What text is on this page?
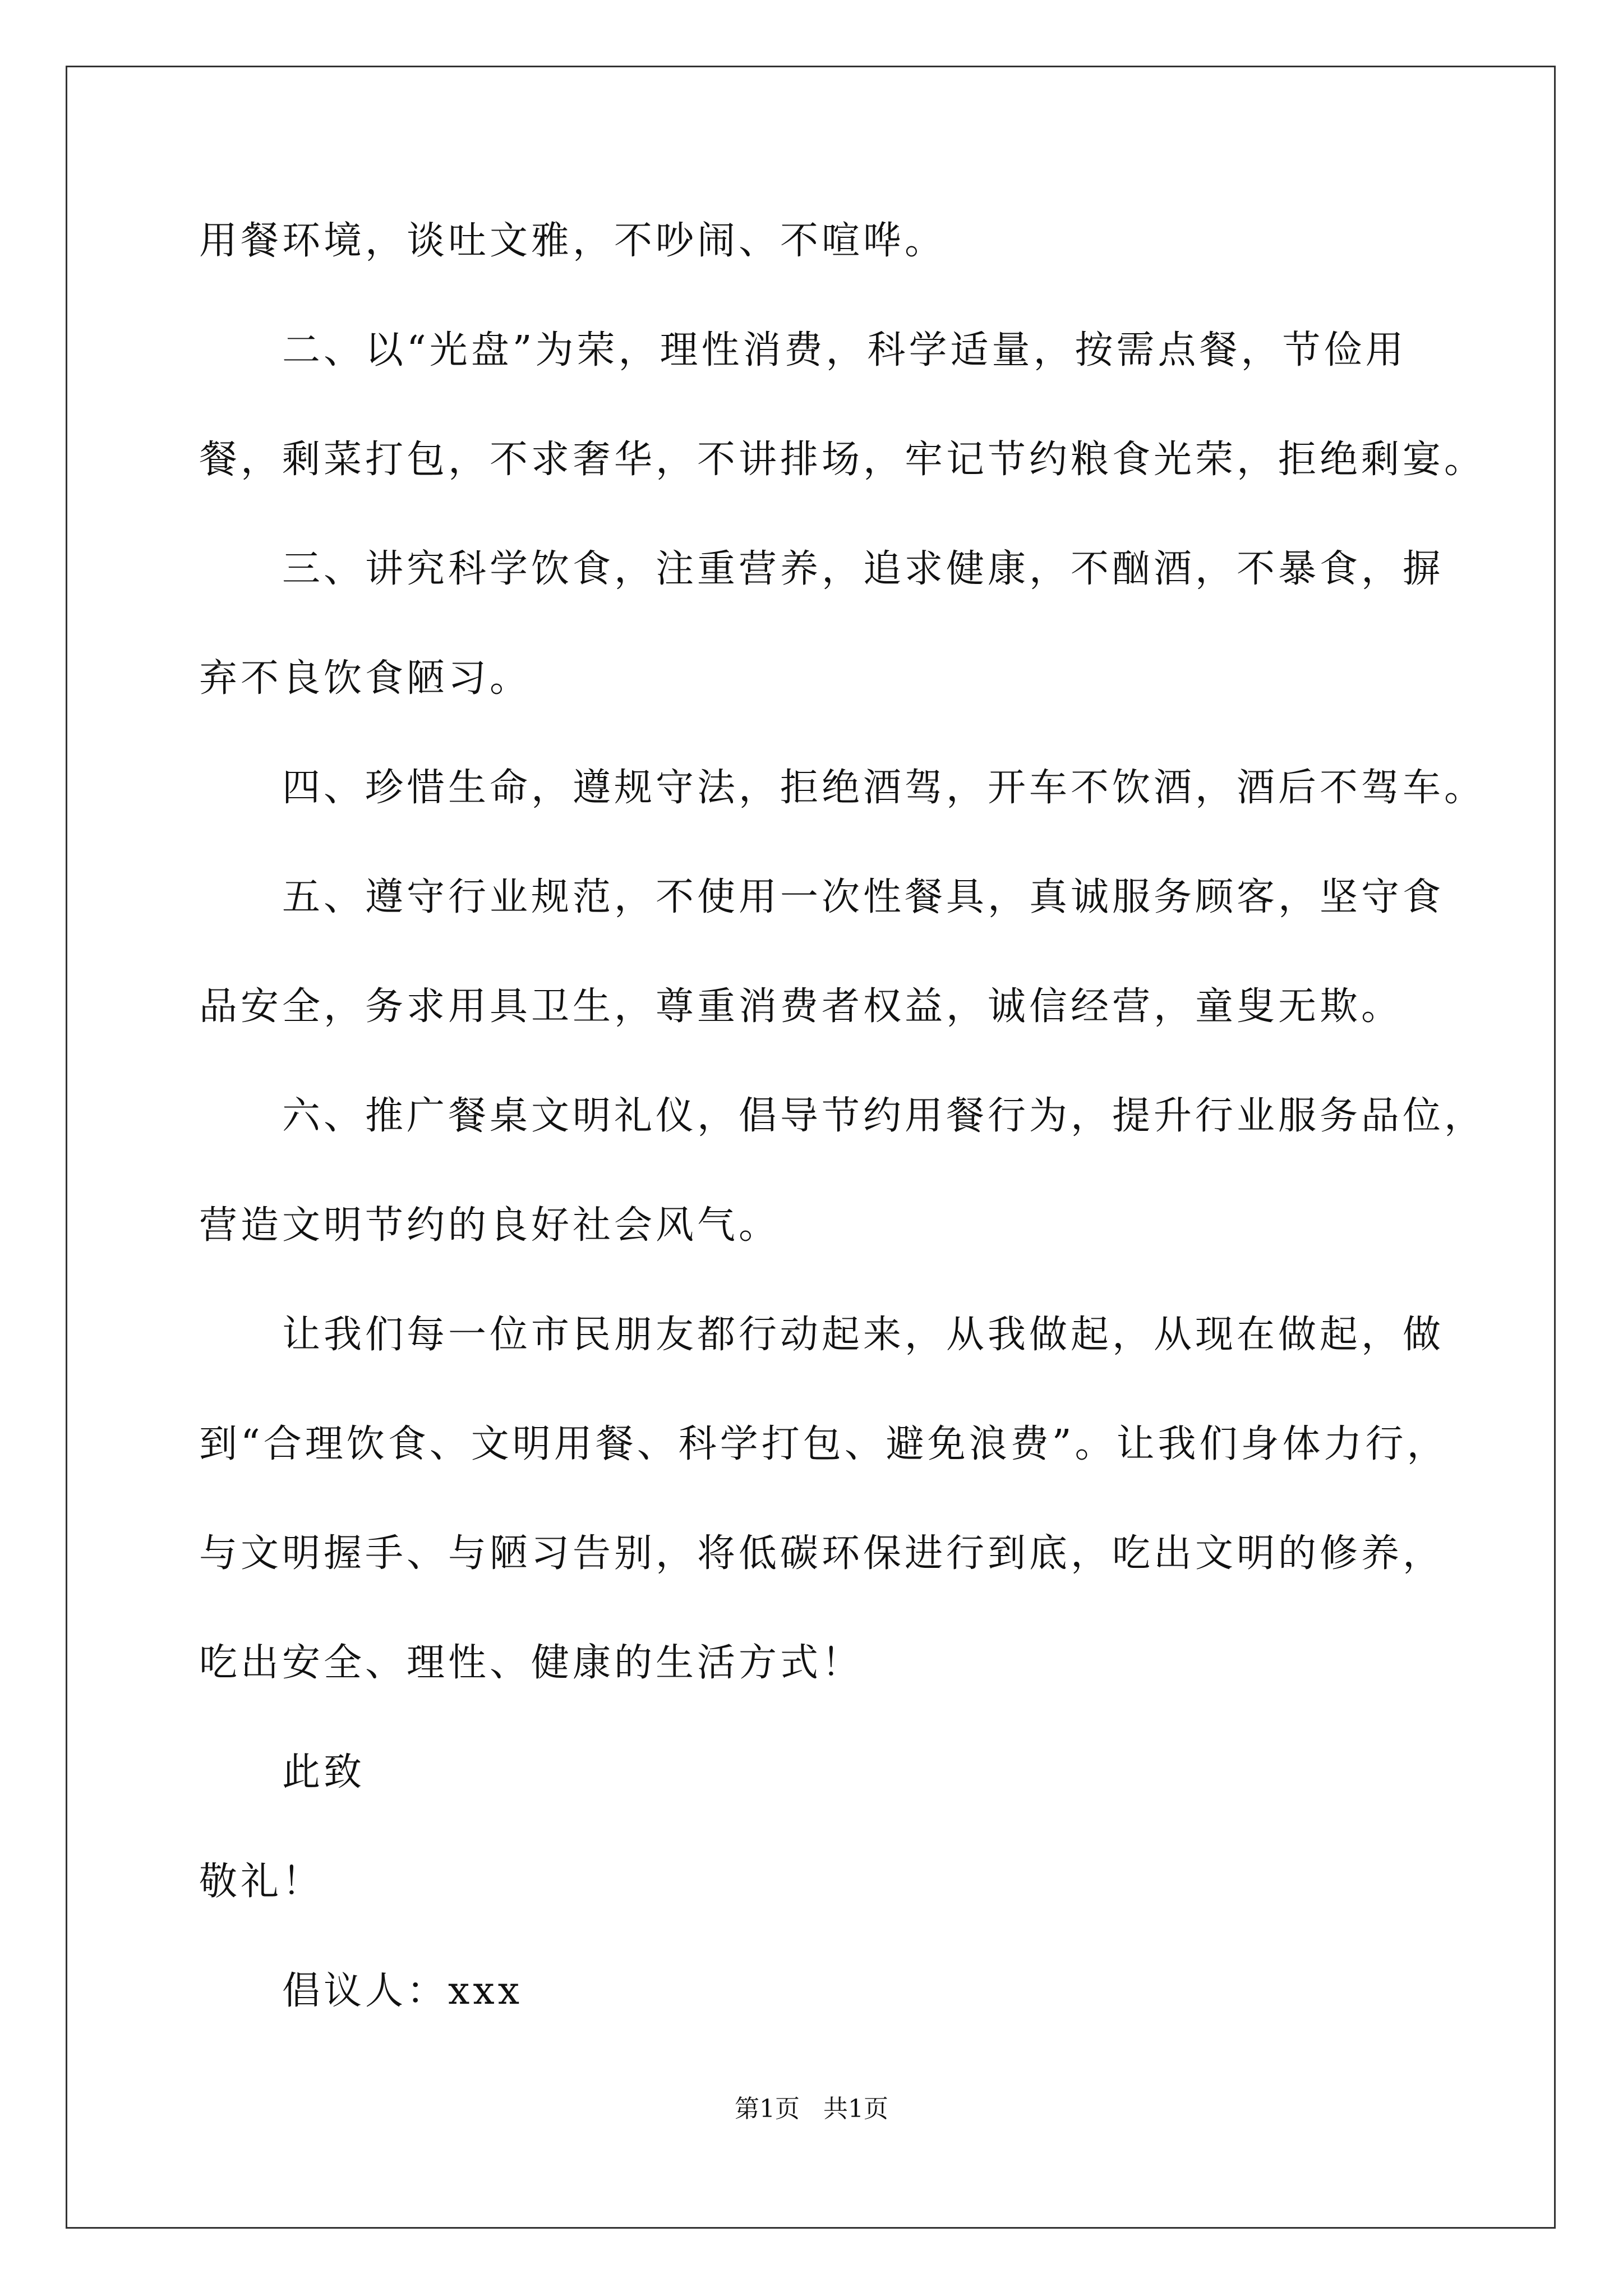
用餐环境，谈吐文雅，不吵闹、不喧哗。
二、以“光盘”为荣，理性消费，科学适量，按需点餐，节俭用
餐，剩菜打包，不求奢华，不讲排场，牢记节约粮食光荣，拒绝剩宴。
三、讲究科学饮食，注重营养，追求健康，不酗酒，不暴食，摒
弃不良饮食陋习。
四、珍惜生命，遵规守法，拒绝酒驾，开车不饮酒，酒后不驾车。
五、遵守行业规范，不使用一次性餐具，真诚服务顾客，坚守食
品安全，务求用具卫生，尊重消费者权益，诚信经营，童叟无欺。
六、推广餐桌文明礼仪，倡导节约用餐行为，提升行业服务品位，
营造文明节约的良好社会风气。
让我们每一位市民朋友都行动起来，从我做起，从现在做起，做
到“合理饮食、文明用餐、科学打包、避免浪费”。让我们身体力行，
与文明握手、与陋习告别，将低碳环保进行到底，吃出文明的修养，
吃出安全、理性、健康的生活方式！
此致
敬礼！
倡议人：xxx
第1页   共1页
